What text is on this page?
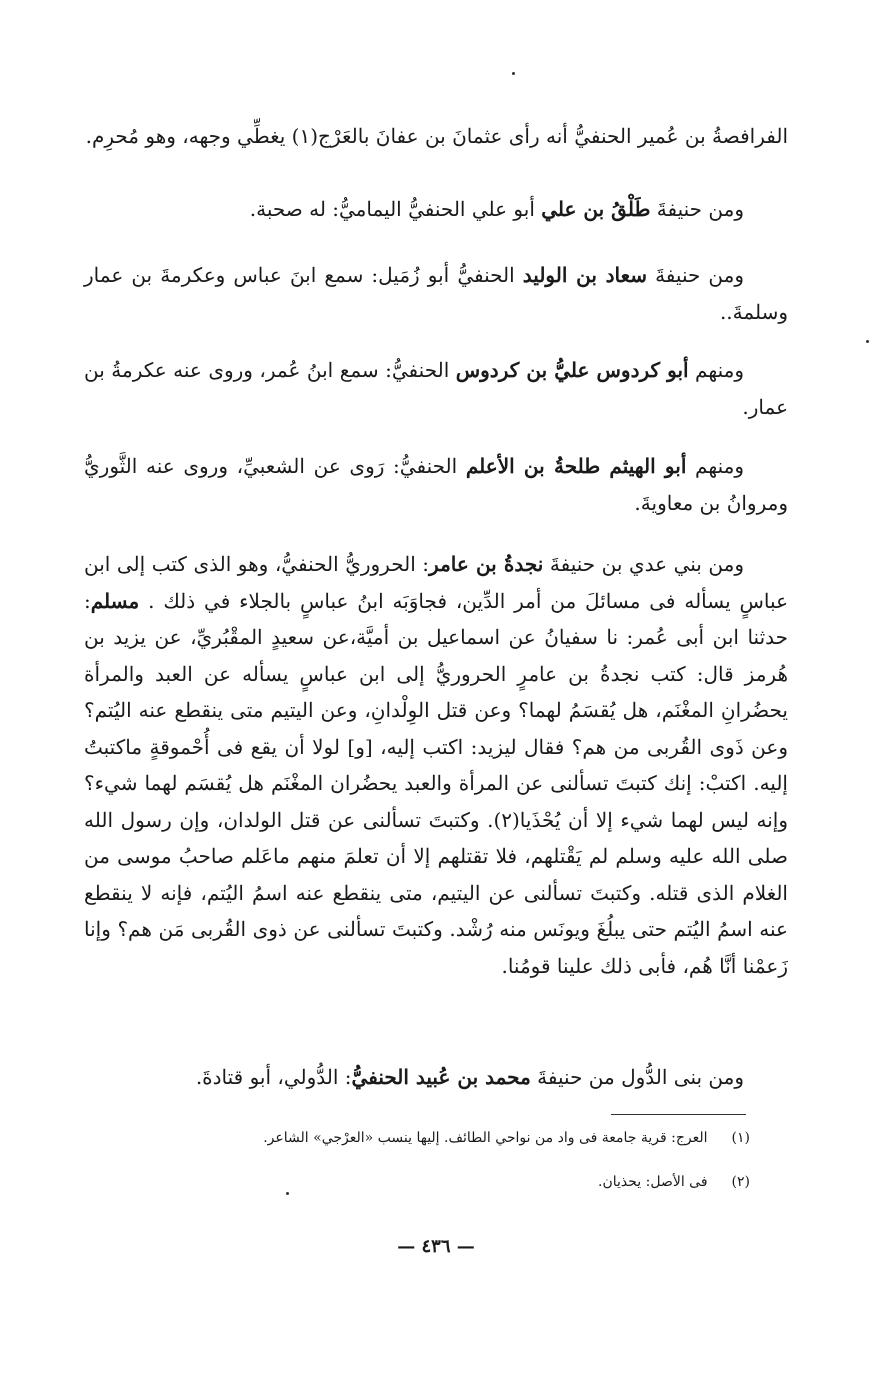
الفرافصةُ بن عُمير الحنفيُّ أنه رأى عثمانَ بن عفانَ بالعَرْج(١) يغطِّي وجهه، وهو مُحرِم.

ومن حنيفةَ طَلْقُ بن علي أبو علي الحنفيُّ اليماميُّ: له صحبة.

ومن حنيفةَ سعاد بن الوليد الحنفيُّ أبو زُمَيل: سمع ابنَ عباس وعكرمةَ بن عمار وسلمةَ..

ومنهم أبو كردوس عليُّ بن كردوس الحنفيُّ: سمع ابنُ عُمر، وروى عنه عكرمةُ بن عمار.

ومنهم أبو الهيثم طلحةُ بن الأعلم الحنفيُّ: رَوى عن الشعبيِّ، وروى عنه الثَّوريُّ ومروانُ بن معاويةَ.

ومن بني عدي بن حنيفةَ نجدةُ بن عامر: الحروريُّ الحنفيُّ، وهو الذى كتب إلى ابن عباسٍ يسأله فى مسائلَ من أمر الدِّين، فجاوَبَه ابنُ عباسٍ بالجلاء في ذلك . مسلم: حدثنا ابن أبى عُمر: نا سفيانُ عن اسماعيل بن أميَّة،عن سعيدٍ المقْبُريِّ، عن يزيد بن هُرمز قال: كتب نجدةُ بن عامرٍ الحروريُّ إلى ابن عباسٍ يسأله عن العبد والمرأة يحضُرانِ المغْنَم، هل يُقسَمُ لهما؟ وعن قتل الوِلْدانِ، وعن اليتيم متى ينقطع عنه اليُتم؟ وعن ذَوى القُربى من هم؟ فقال ليزيد: اكتب إليه، [و] لولا أن يقع فى أُحْموقةٍ ماكتبتُ إليه. اكتبْ: إنك كتبتَ تسألنى عن المرأة والعبد يحضُران المغْنَم هل يُقسَم لهما شيء؟ وإنه ليس لهما شيء إلا أن يُحْذَيا(٢). وكتبتَ تسألنى عن قتل الولدان، وإن رسول الله صلى الله عليه وسلم لم يَقْتلهم، فلا تقتلهم إلا أن تعلمَ منهم ماعَلم صاحبُ موسى من الغلام الذى قتله. وكتبتَ تسألنى عن اليتيم، متى ينقطع عنه اسمُ اليُتم، فإنه لا ينقطع عنه اسمُ اليُتم حتى يبلُغَ ويونَس منه رُشْد. وكتبتَ تسألنى عن ذوى القُربى مَن هم؟ وإنا زَعمْنا أنَّا هُم، فأبى ذلك علينا قومُنا.

ومن بنى الدُّول من حنيفةَ محمد بن عُبيد الحنفيُّ: الدُّولي، أبو قتادةَ.

(١) العرج: قرية جامعة فى واد من نواحي الطائف. إليها ينسب «العرْجي» الشاعر.
(٢) فى الأصل: يحذيان.
— ٤٣٦ —
